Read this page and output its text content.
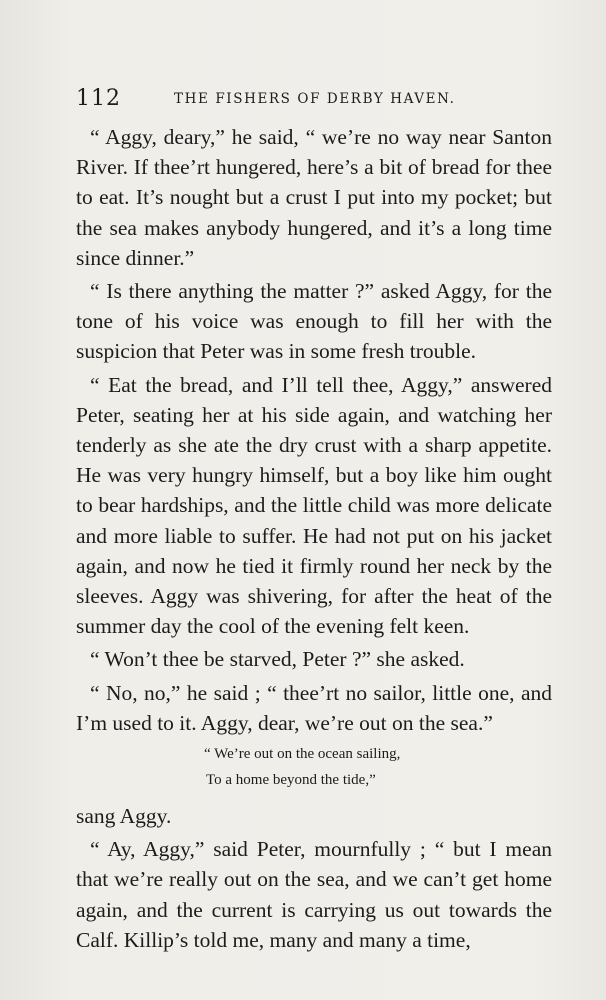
112	THE FISHERS OF DERBY HAVEN.

“ Aggy, deary,” he said, “ we’re no way near Santon River. If thee’rt hungered, here’s a bit of bread for thee to eat. It’s nought but a crust I put into my pocket; but the sea makes anybody hungered, and it’s a long time since dinner.”

“ Is there anything the matter ?” asked Aggy, for the tone of his voice was enough to fill her with the suspicion that Peter was in some fresh trouble.

“ Eat the bread, and I’ll tell thee, Aggy,” answered Peter, seating her at his side again, and watching her tenderly as she ate the dry crust with a sharp appetite. He was very hungry himself, but a boy like him ought to bear hardships, and the little child was more delicate and more liable to suffer. He had not put on his jacket again, and now he tied it firmly round her neck by the sleeves. Aggy was shivering, for after the heat of the summer day the cool of the evening felt keen.

“ Won’t thee be starved, Peter ?” she asked.

“ No, no,” he said ; “ thee’rt no sailor, little one, and I’m used to it. Aggy, dear, we’re out on the sea.”

“ We’re out on the ocean sailing,
To a home beyond the tide,”

sang Aggy.

“ Ay, Aggy,” said Peter, mournfully ; “ but I mean that we’re really out on the sea, and we can’t get home again, and the current is carrying us out towards the Calf. Killip’s told me, many and many a time,
